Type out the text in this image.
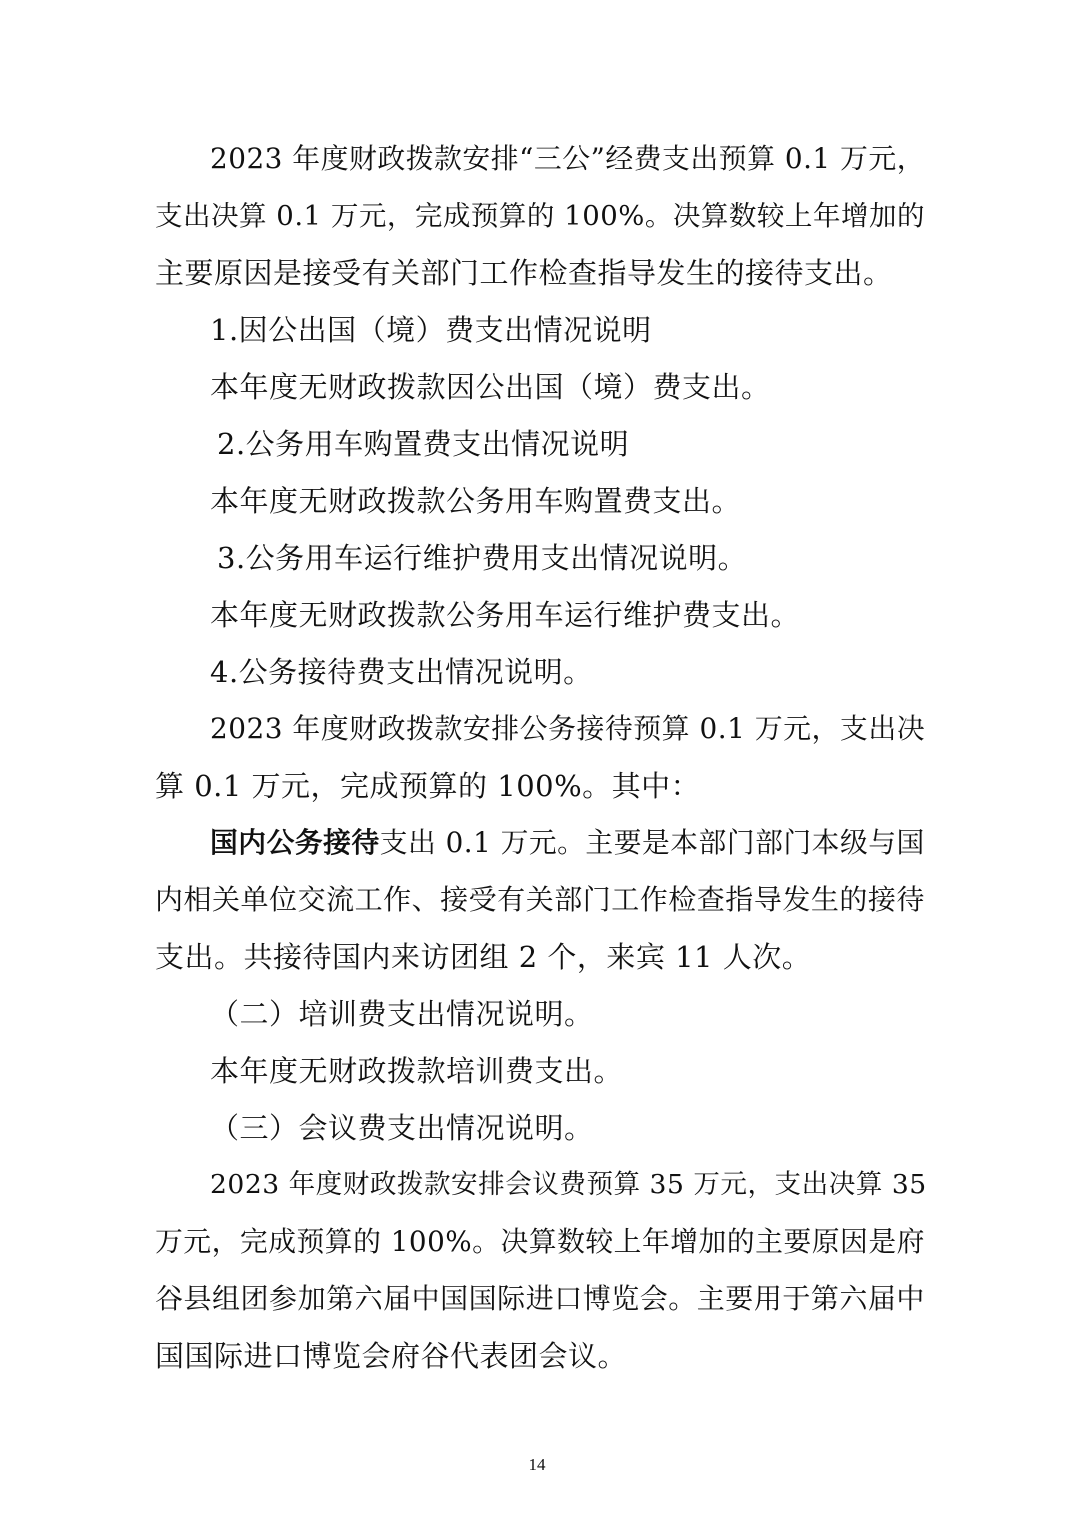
2023 年度财政拨款安排“三公”经费支出预算 0.1 万元，
支出决算 0.1 万元，完成预算的 100%。决算数较上年增加的
主要原因是接受有关部门工作检查指导发生的接待支出。
1.因公出国（境）费支出情况说明
本年度无财政拨款因公出国（境）费支出。
2.公务用车购置费支出情况说明
本年度无财政拨款公务用车购置费支出。
3.公务用车运行维护费用支出情况说明。
本年度无财政拨款公务用车运行维护费支出。
4.公务接待费支出情况说明。
2023 年度财政拨款安排公务接待预算 0.1 万元，支出决
算 0.1 万元，完成预算的 100%。其中：
国内公务接待支出 0.1 万元。主要是本部门部门本级与国
内相关单位交流工作、接受有关部门工作检查指导发生的接待
支出。共接待国内来访团组 2 个，来宾 11 人次。
（二）培训费支出情况说明。
本年度无财政拨款培训费支出。
（三）会议费支出情况说明。
2023 年度财政拨款安排会议费预算 35 万元，支出决算 35
万元，完成预算的 100%。决算数较上年增加的主要原因是府
谷县组团参加第六届中国国际进口博览会。主要用于第六届中
国国际进口博览会府谷代表团会议。
14
